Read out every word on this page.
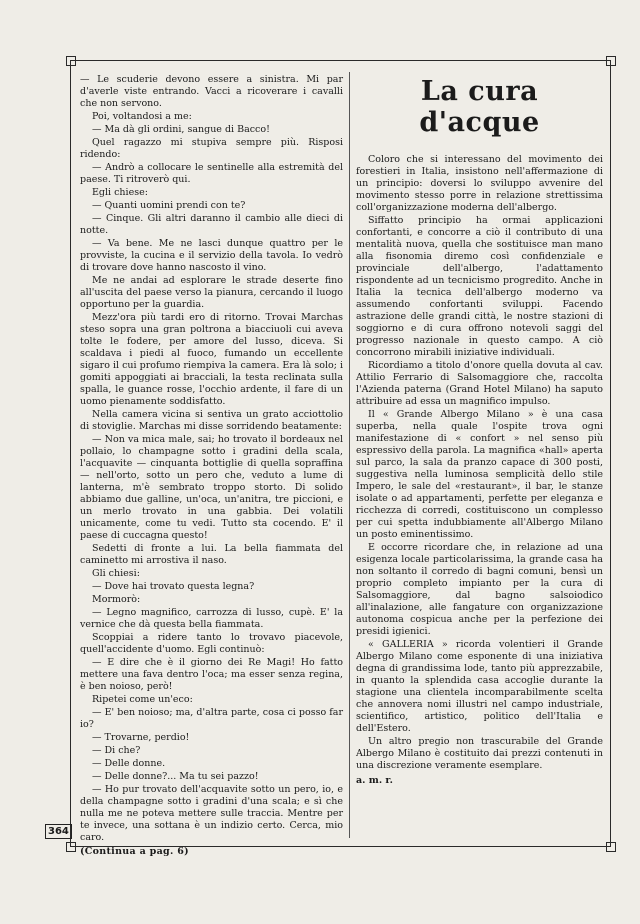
— Le scuderie devono essere a sinistra. Mi par d'averle viste entrando. Vacci a ricoverare i cavalli che non servono.

Poi, voltandosi a me:

— Ma dà gli ordini, sangue di Bacco!

Quel ragazzo mi stupiva sempre più. Risposi ridendo:

— Andrò a collocare le sentinelle alla estremità del paese. Ti ritroverò qui.

Egli chiese:

— Quanti uomini prendi con te?

— Cinque. Gli altri daranno il cambio alle dieci di notte.

— Va bene. Me ne lasci dunque quattro per le provviste, la cucina e il servizio della tavola. Io vedrò di trovare dove hanno nascosto il vino.

Me ne andai ad esplorare le strade deserte fino all'uscita del paese verso la pianura, cercando il luogo opportuno per la guardia.

Mezz'ora più tardi ero di ritorno. Trovai Marchas steso sopra una gran poltrona a biacciuoli cui aveva tolte le fodere, per amore del lusso, diceva. Si scaldava i piedi al fuoco, fumando un eccellente sigaro il cui profumo riempiva la camera. Era là solo; i gomiti appoggiati ai bracciali, la testa reclinata sulla spalla, le guance rosse, l'occhio ardente, il fare di un uomo pienamente soddisfatto.

Nella camera vicina si sentiva un grato acciottolio di stoviglie. Marchas mi disse sorridendo beatamente:

— Non va mica male, sai; ho trovato il bordeaux nel pollaio, lo champagne sotto i gradini della scala, l'acquavite — cinquanta bottiglie di quella sopraffina — nell'orto, sotto un pero che, veduto a lume di lanterna, m'è sembrato troppo storto. Di solido abbiamo due galline, un'oca, un'anitra, tre piccioni, e un merlo trovato in una gabbia. Dei volatili unicamente, come tu vedi. Tutto sta cocendo. E' il paese di cuccagna questo!

Sedetti di fronte a lui. La bella fiammata del caminetto mi arrostiva il naso.

Gli chiesi:

— Dove hai trovato questa legna?

Mormorò:

— Legno magnifico, carrozza di lusso, cupè. E' la vernice che dà questa bella fiammata.

Scoppiai a ridere tanto lo trovavo piacevole, quell'accidente d'uomo. Egli continuò:

— E dire che è il giorno dei Re Magi! Ho fatto mettere una fava dentro l'oca; ma esser senza regina, è ben noioso, però!

Ripetei come un'eco:

— E' ben noioso; ma, d'altra parte, cosa ci posso far io?

— Trovarne, perdio!

— Di che?

— Delle donne.

— Delle donne?... Ma tu sei pazzo!

— Ho pur trovato dell'acquavite sotto un pero, io, e della champagne sotto i gradini d'una scala; e sì che nulla me ne poteva mettere sulle traccia. Mentre per te invece, una sottana è un indizio certo. Cerca, mio caro.

(Continua a pag. 6)

La cura d'acque

Coloro che si interessano del movimento dei forestieri in Italia, insistono nell'affermazione di un principio: doversi lo sviluppo avvenire del movimento stesso porre in relazione strettissima coll'organizzazione moderna dell'albergo.

Siffatto principio ha ormai applicazioni confortanti, e concorre a ciò il contributo di una mentalità nuova, quella che sostituisce man mano alla fisonomia diremo così confidenziale e provinciale dell'albergo, l'adattamento rispondente ad un tecnicismo progredito. Anche in Italia la tecnica dell'albergo moderno va assumendo confortanti sviluppi. Facendo astrazione delle grandi città, le nostre stazioni di soggiorno e di cura offrono notevoli saggi del progresso nazionale in questo campo. A ciò concorrono mirabili iniziative individuali.

Ricordiamo a titolo d'onore quella dovuta al cav. Attilio Ferrario di Salsomaggiore che, raccolta l'Azienda paterna (Grand Hotel Milano) ha saputo attribuire ad essa un magnifico impulso.

Il « Grande Albergo Milano » è una casa superba, nella quale l'ospite trova ogni manifestazione di « confort » nel senso più espressivo della parola. La magnifica «hall» aperta sul parco, la sala da pranzo capace di 300 posti, suggestiva nella luminosa semplicità dello stile Impero, le sale del «restaurant», il bar, le stanze isolate o ad appartamenti, perfette per eleganza e ricchezza di corredi, costituiscono un complesso per cui spetta indubbiamente all'Albergo Milano un posto eminentissimo.

E occorre ricordare che, in relazione ad una esigenza locale particolarissima, la grande casa ha non soltanto il corredo di bagni comuni, bensì un proprio completo impianto per la cura di Salsomaggiore, dal bagno salsoiodico all'inalazione, alle fangature con organizzazione autonoma cospicua anche per la perfezione dei presidi igienici.

« GALLERIA » ricorda volentieri il Grande Albergo Milano come esponente di una iniziativa degna di grandissima lode, tanto più apprezzabile, in quanto la splendida casa accoglie durante la stagione una clientela incomparabilmente scelta che annovera nomi illustri nel campo industriale, scientifico, artistico, politico dell'Italia e dell'Estero.

Un altro pregio non trascurabile del Grande Albergo Milano è costituito dai prezzi contenuti in una discrezione veramente esemplare.

a. m. r.

364
